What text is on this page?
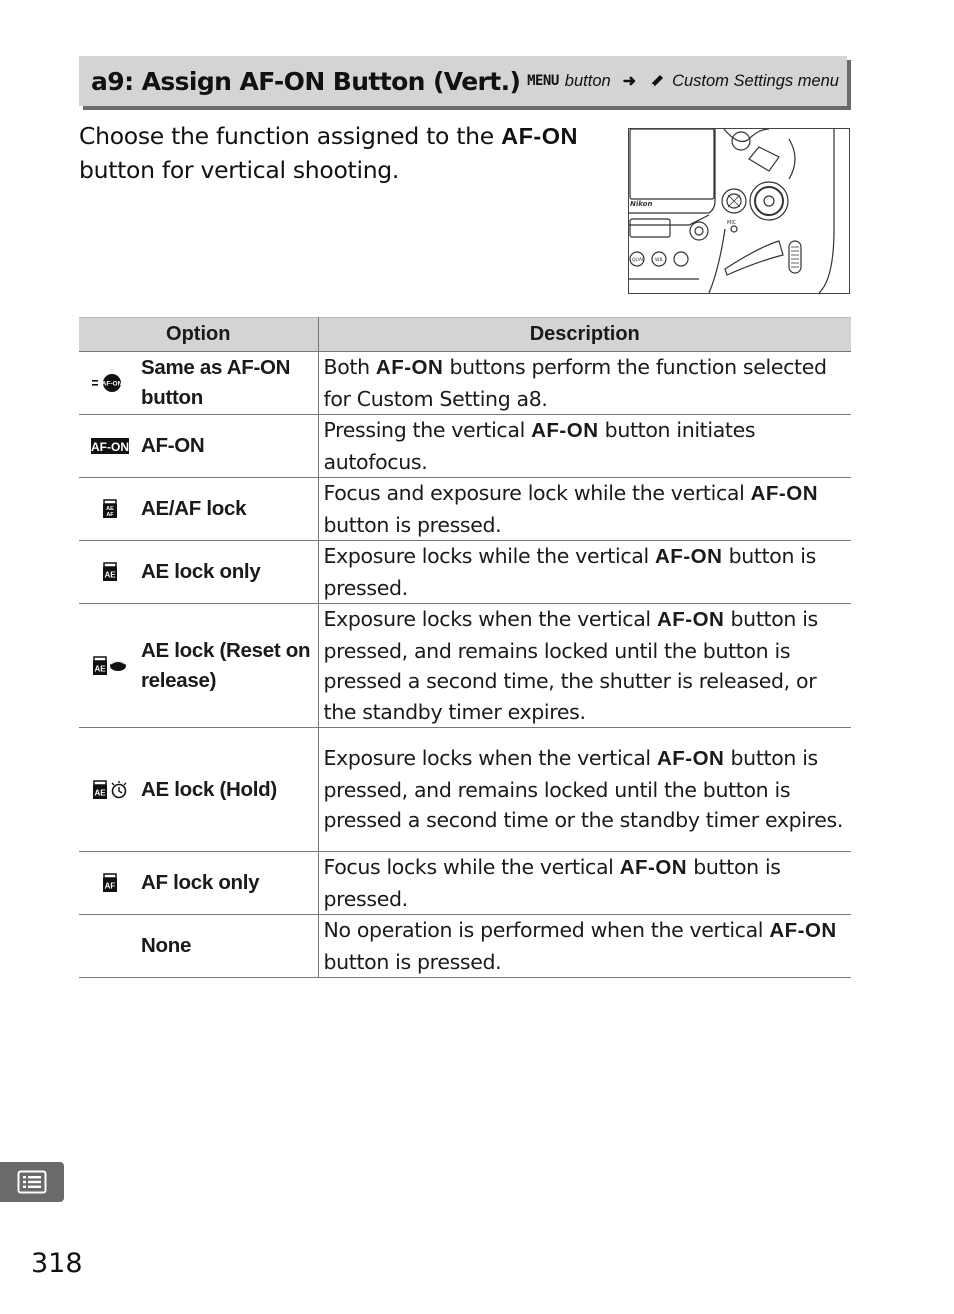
a9: Assign AF-ON Button (Vert.) MENU button ➜ Custom Settings menu
Choose the function assigned to the AF-ON button for vertical shooting.
Nikon
MIC
QUAL WB
Option	Description

AF-ON
Same as AF-ON button	Both AF-ON buttons perform the function selected for Custom Setting a8.

AF-ON AF-ON	Pressing the vertical AF-ON button initiates autofocus.

AE
AF AE/AF lock	Focus and exposure lock while the vertical AF-ON button is pressed.

AE AE lock only	Exposure locks while the vertical AF-ON button is pressed.

AE
AE lock (Reset on release)	Exposure locks when the vertical AF-ON button is pressed, and remains locked until the button is pressed a second time, the shutter is released, or the standby timer expires.

AE AE lock (Hold)	Exposure locks when the vertical AF-ON button is pressed, and remains locked until the button is pressed a second time or the standby timer expires.

AF AF lock only	Focus locks while the vertical AF-ON button is pressed.

None	No operation is performed when the vertical AF-ON button is pressed.
318
